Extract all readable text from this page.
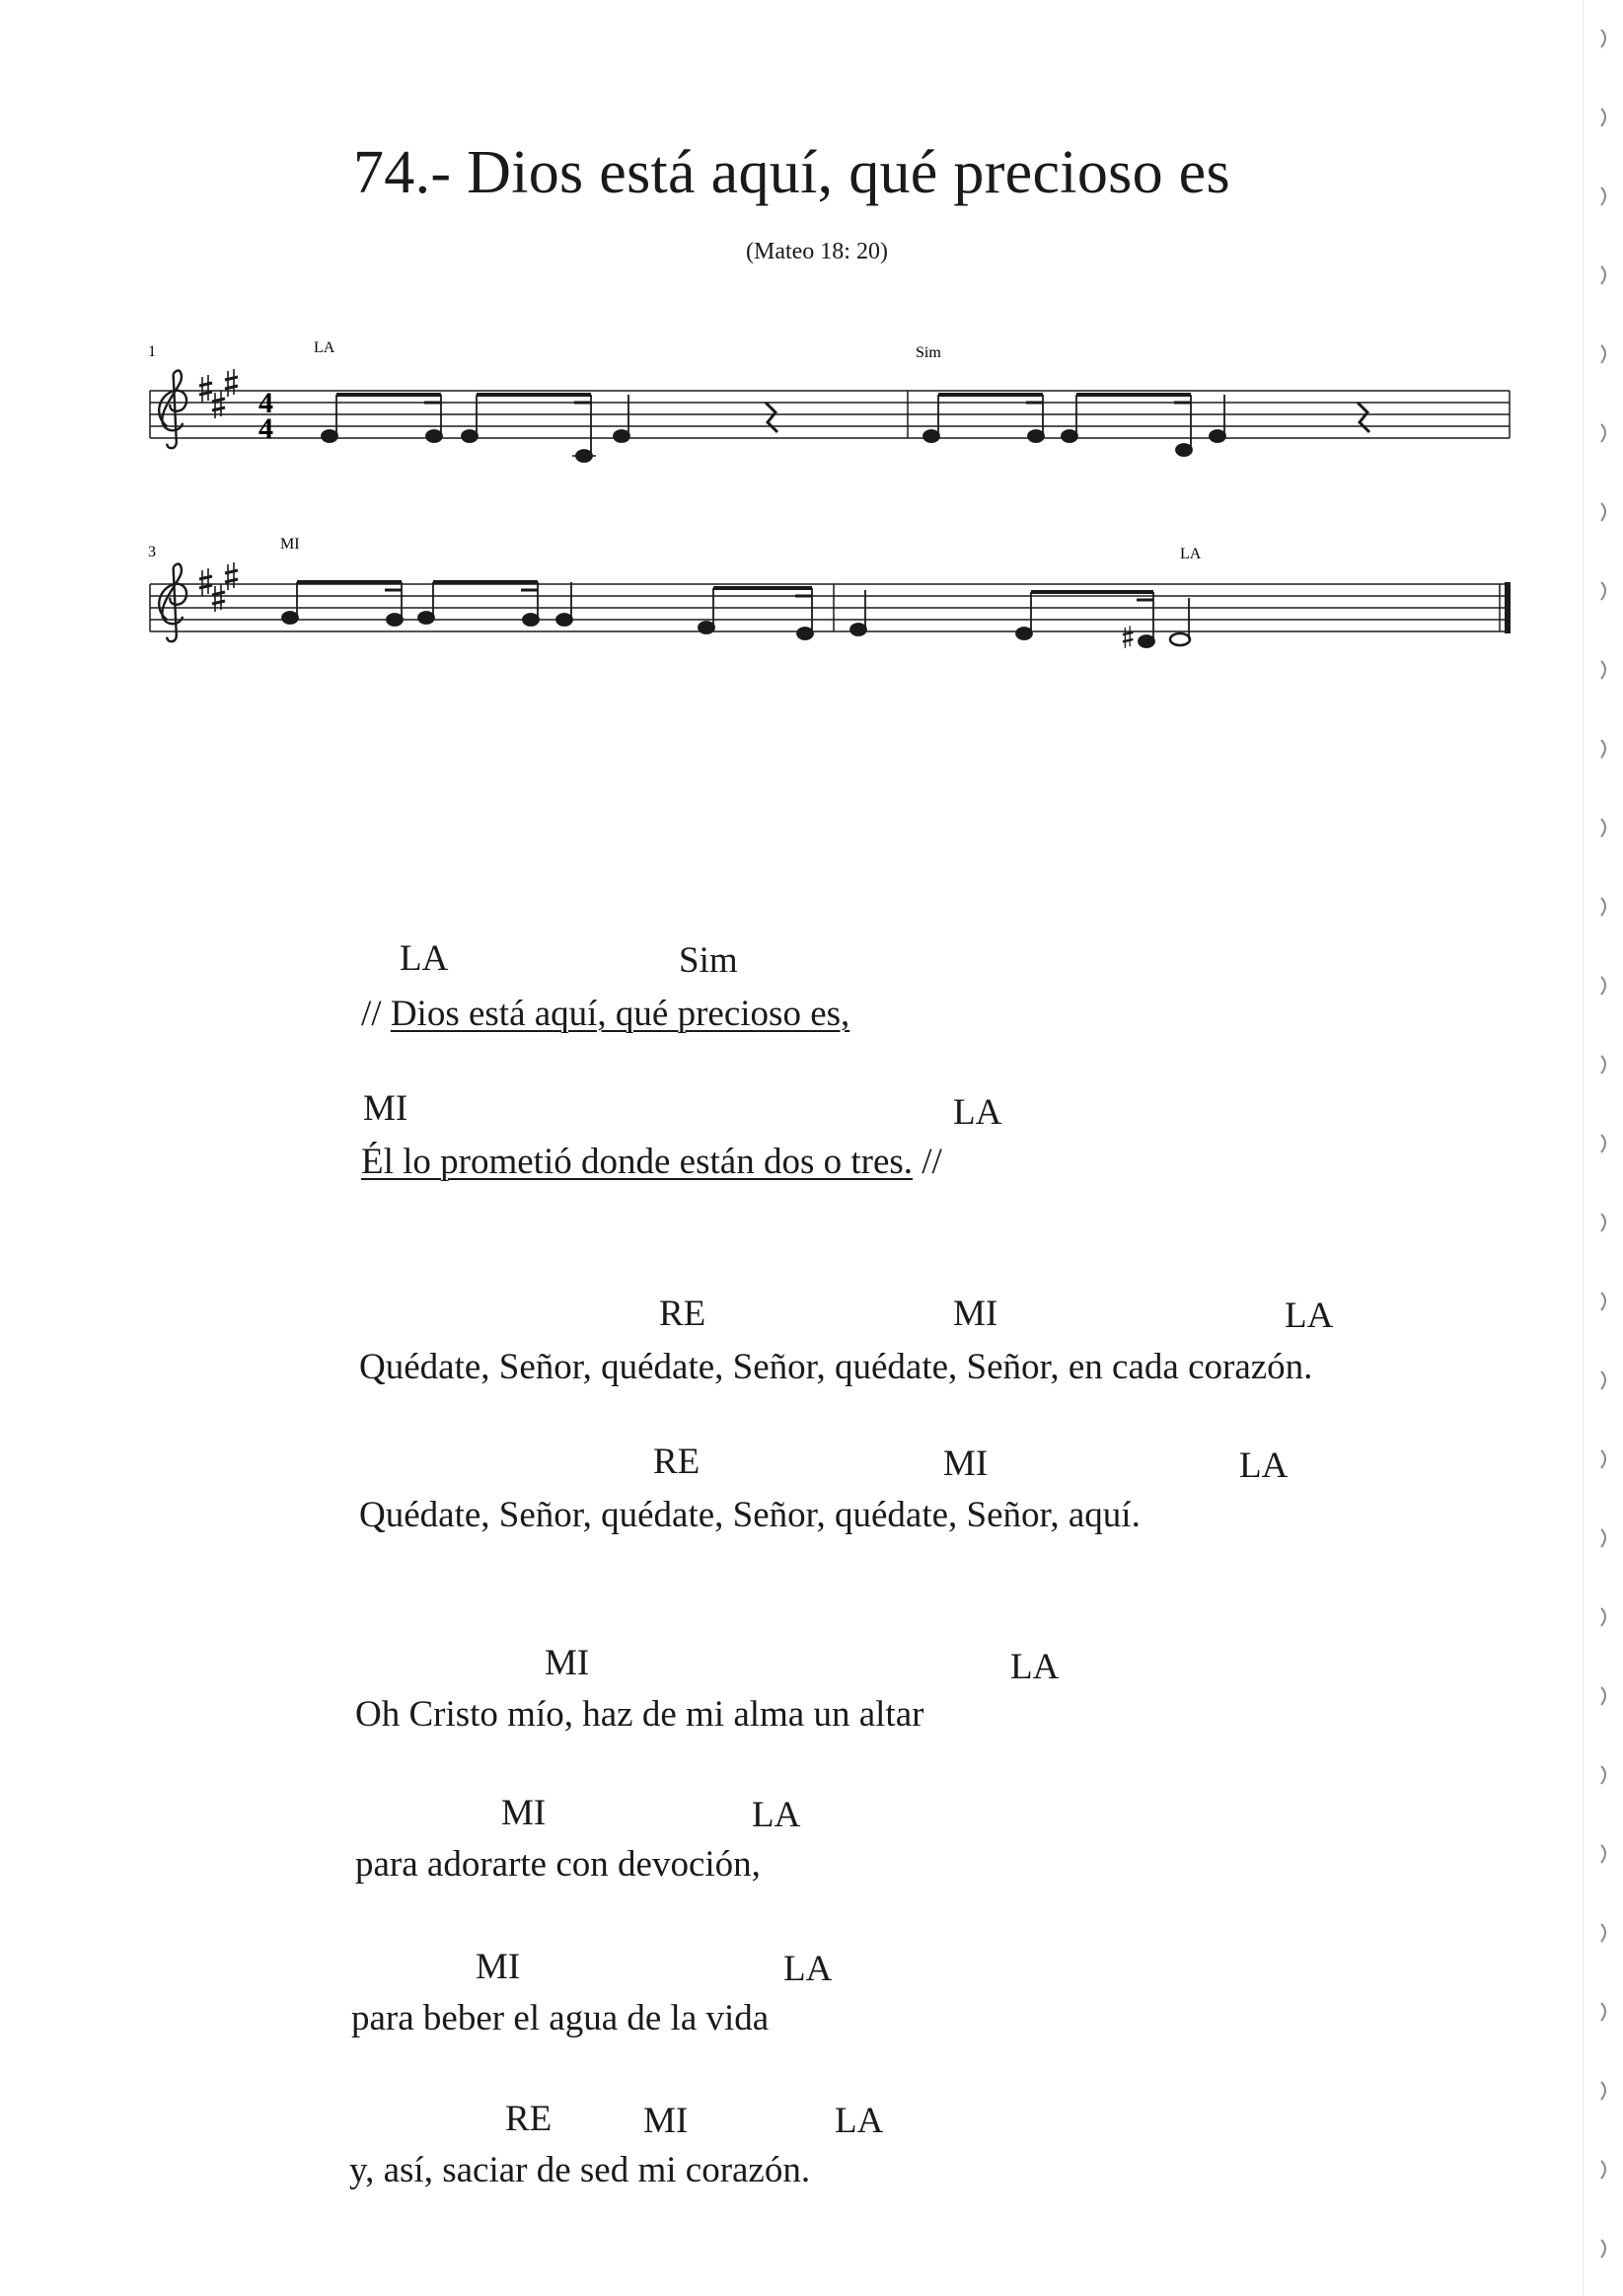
74.- Dios está aquí, qué precioso es
(Mateo 18: 20)
1	LA	Sim
4
4
3	MI
LA
LA	Sim
// Dios está aquí, qué precioso es,
MI	LA
Él lo prometió donde están dos o tres. //
RE	MI	LA
Quédate, Señor, quédate, Señor, quédate, Señor, en cada corazón.
RE	MI	LA
Quédate, Señor, quédate, Señor, quédate, Señor, aquí.
MI	LA
Oh Cristo mío, haz de mi alma un altar
MI	LA
para adorarte con devoción,
MI	LA
para beber el agua de la vida
RE	MI	LA
y, así, saciar de sed mi corazón.
